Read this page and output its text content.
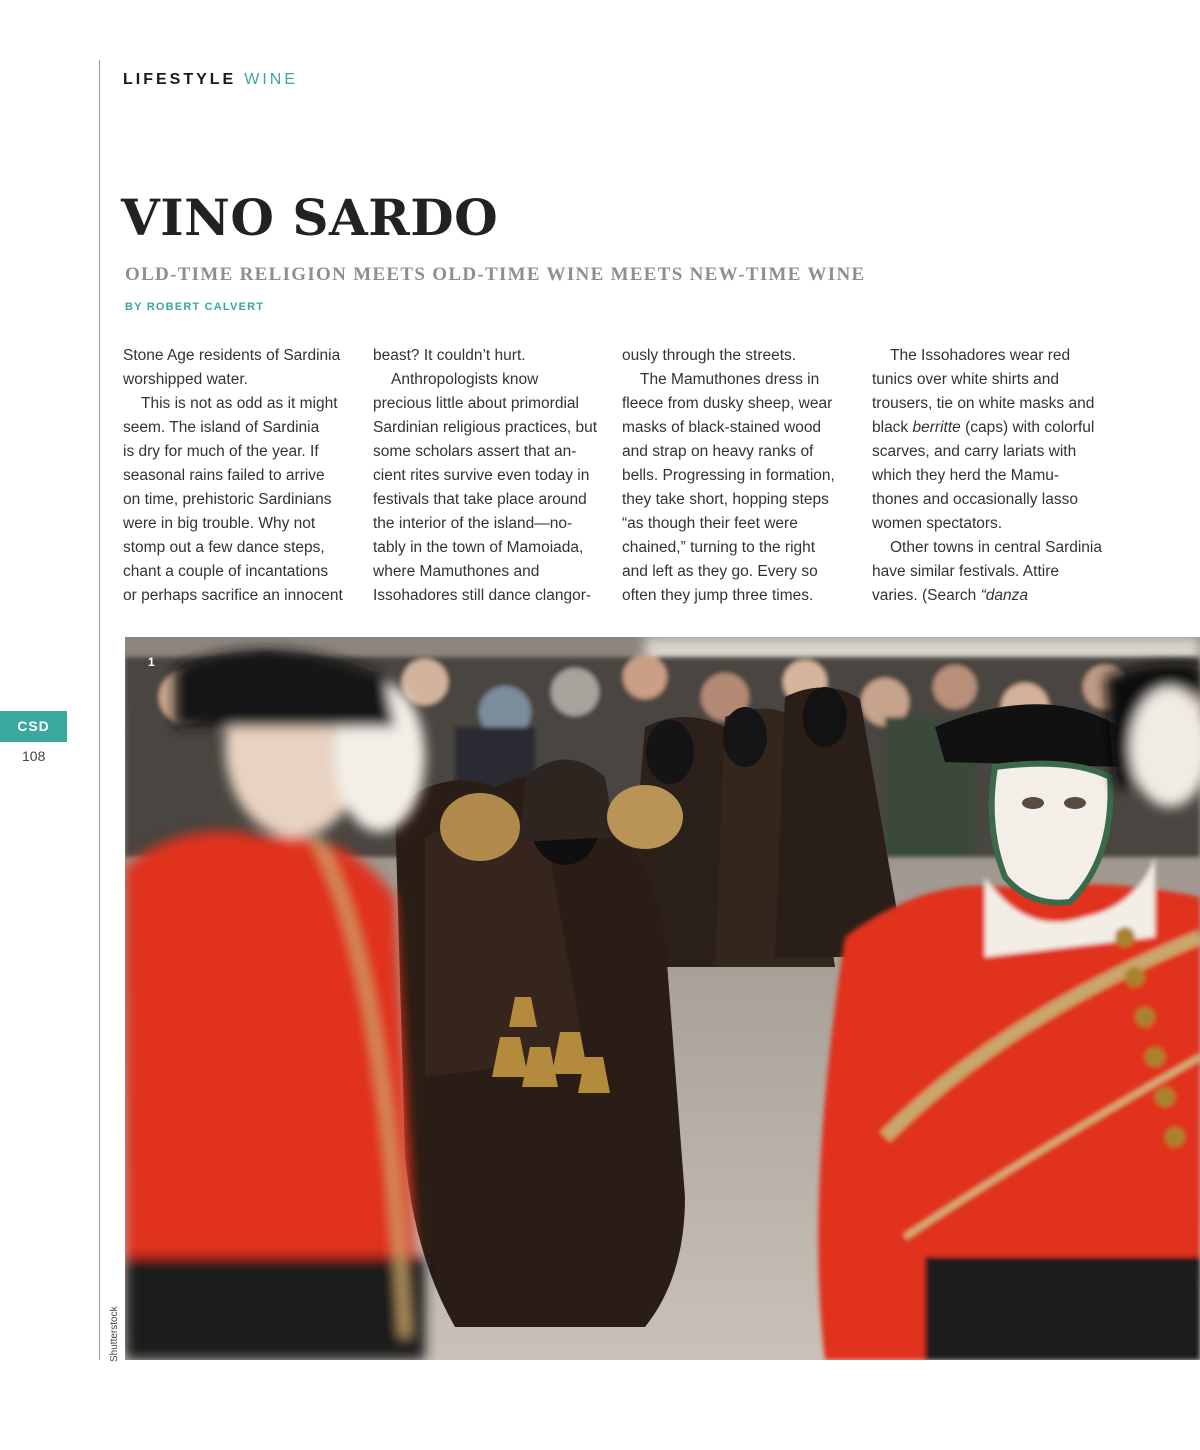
LIFESTYLE WINE
VINO SARDO
OLD-TIME RELIGION MEETS OLD-TIME WINE MEETS NEW-TIME WINE
BY ROBERT CALVERT

Stone Age residents of Sardinia
worshipped water.

This is not as odd as it might
seem. The island of Sardinia
is dry for much of the year. If
seasonal rains failed to arrive
on time, prehistoric Sardinians
were in big trouble. Why not
stomp out a few dance steps,
chant a couple of incantations
or perhaps sacrifice an innocent

beast? It couldn’t hurt.

Anthropologists know
precious little about primordial
Sardinian religious practices, but
some scholars assert that an-
cient rites survive even today in
festivals that take place around
the interior of the island—no-
tably in the town of Mamoiada,
where Mamuthones and
Issohadores still dance clangor-

ously through the streets.

The Mamuthones dress in
fleece from dusky sheep, wear
masks of black-stained wood
and strap on heavy ranks of
bells. Progressing in formation,
they take short, hopping steps
“as though their feet were
chained,” turning to the right
and left as they go. Every so
often they jump three times.

The Issohadores wear red
tunics over white shirts and
trousers, tie on white masks and
black berritte (caps) with colorful
scarves, and carry lariats with
which they herd the Mamu-
thones and occasionally lasso
women spectators.

Other towns in central Sardinia
have similar festivals. Attire
varies. (Search “danza

1
Shutterstock
CSD
108
